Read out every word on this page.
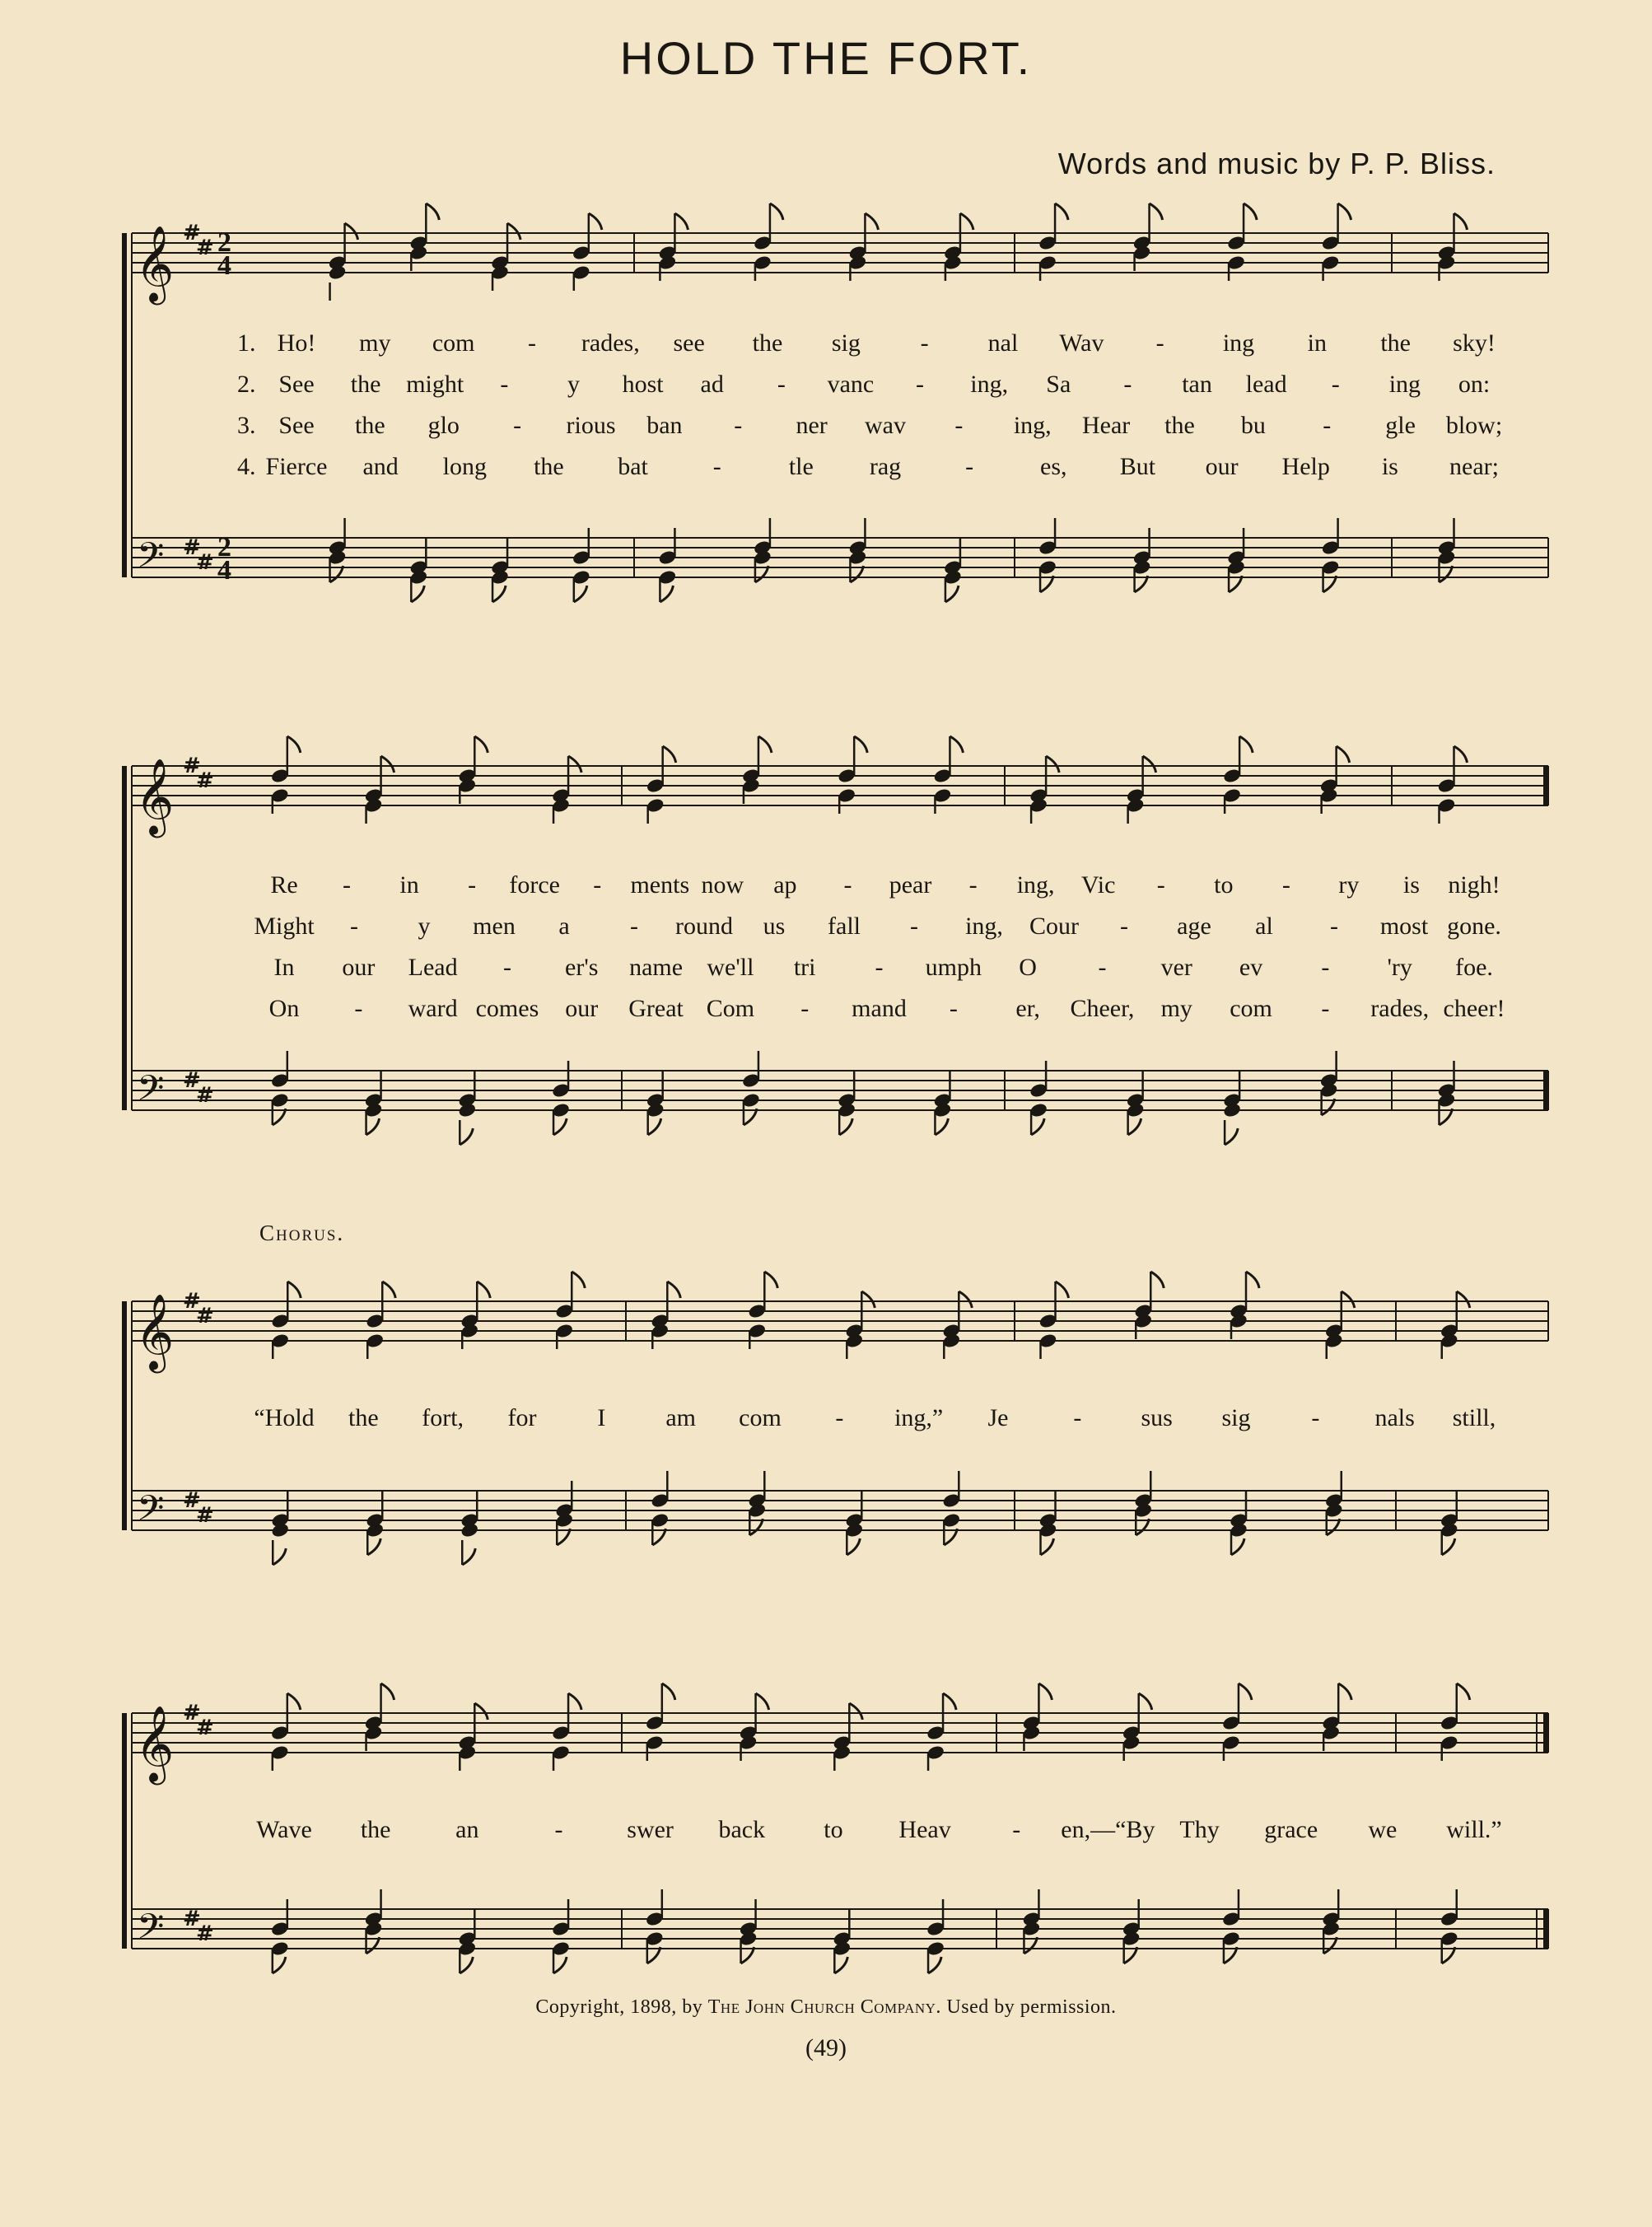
HOLD THE FORT.
Words and music by P. P. Bliss.
Chorus.
𝄞 #
# 2
4
𝄢 #
# 2
4
𝄞 #
#
𝄢 #
#
𝄞 #
#
𝄢 #
#
𝄞 #
#
𝄢 #
#
1. Ho! my com - rades, see the sig - nal Wav - ing in the sky!
2. See the might - y host ad - vanc - ing, Sa - tan lead - ing on:
3. See the glo - rious ban - ner wav - ing, Hear the bu - gle blow;
4. Fierce and long the bat	-	tle rag	-	es, But our Help is near;
Re - in - force - ments now ap - pear - ing, Vic - to - ry is nigh!
Might - y men a - round us fall - ing, Cour - age al - most gone.
In our Lead - er's name we'll tri - umph O - ver ev - 'ry foe.
On - ward comes our Great Com - mand - er, Cheer, my com - rades, cheer!
“Hold the fort, for I am com - ing,” Je	- sus sig - nals still,
Wave the	an	-	swer back to Heav - en,—“By Thy grace we will.”
Copyright, 1898, by The John Church Company. Used by permission.
(49)
